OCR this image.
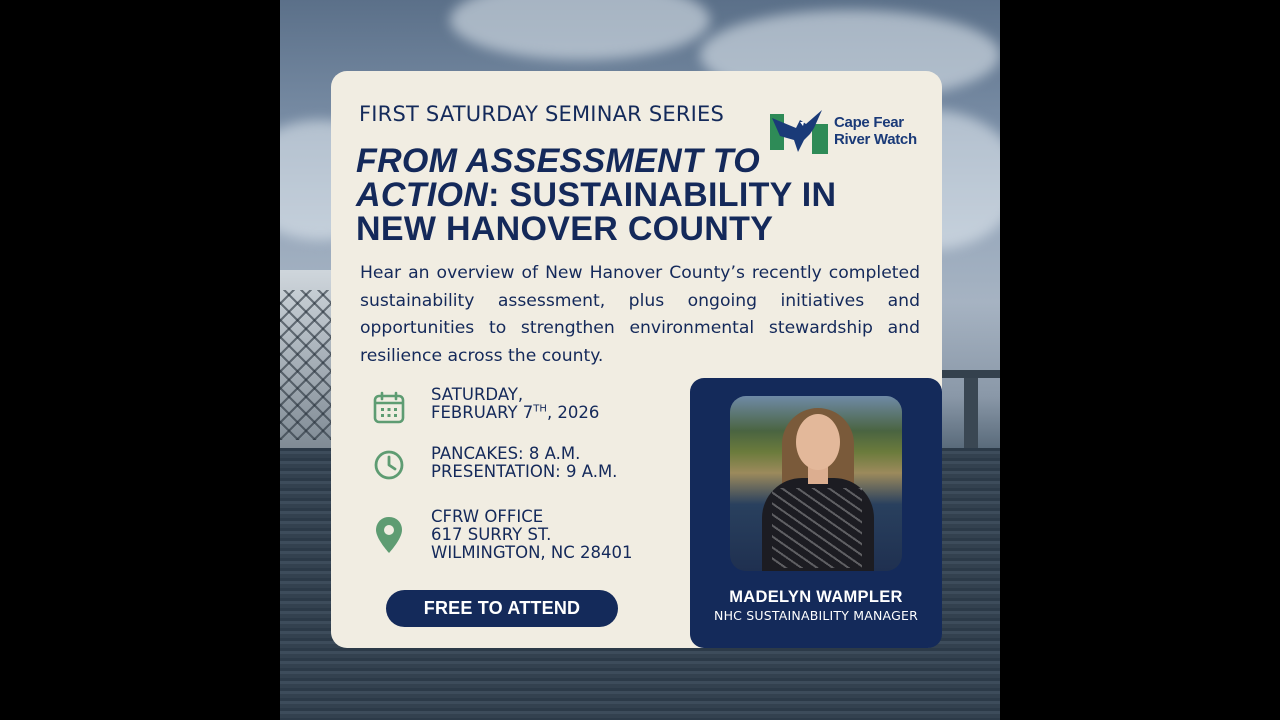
FIRST SATURDAY SEMINAR SERIES	Cape Fear
River Watch
FROM ASSESSMENT TO
ACTION: SUSTAINABILITY IN
NEW HANOVER COUNTY
Hear an overview of New Hanover County’s recently completed sustainability assessment, plus ongoing initiatives and opportunities to strengthen environmental stewardship and resilience across the county.
SATURDAY,
FEBRUARY 7TH, 2026
PANCAKES: 8 A.M.
PRESENTATION: 9 A.M.
CFRW OFFICE
617 SURRY ST.
WILMINGTON, NC 28401
FREE TO ATTEND
MADELYN WAMPLER
NHC SUSTAINABILITY MANAGER
